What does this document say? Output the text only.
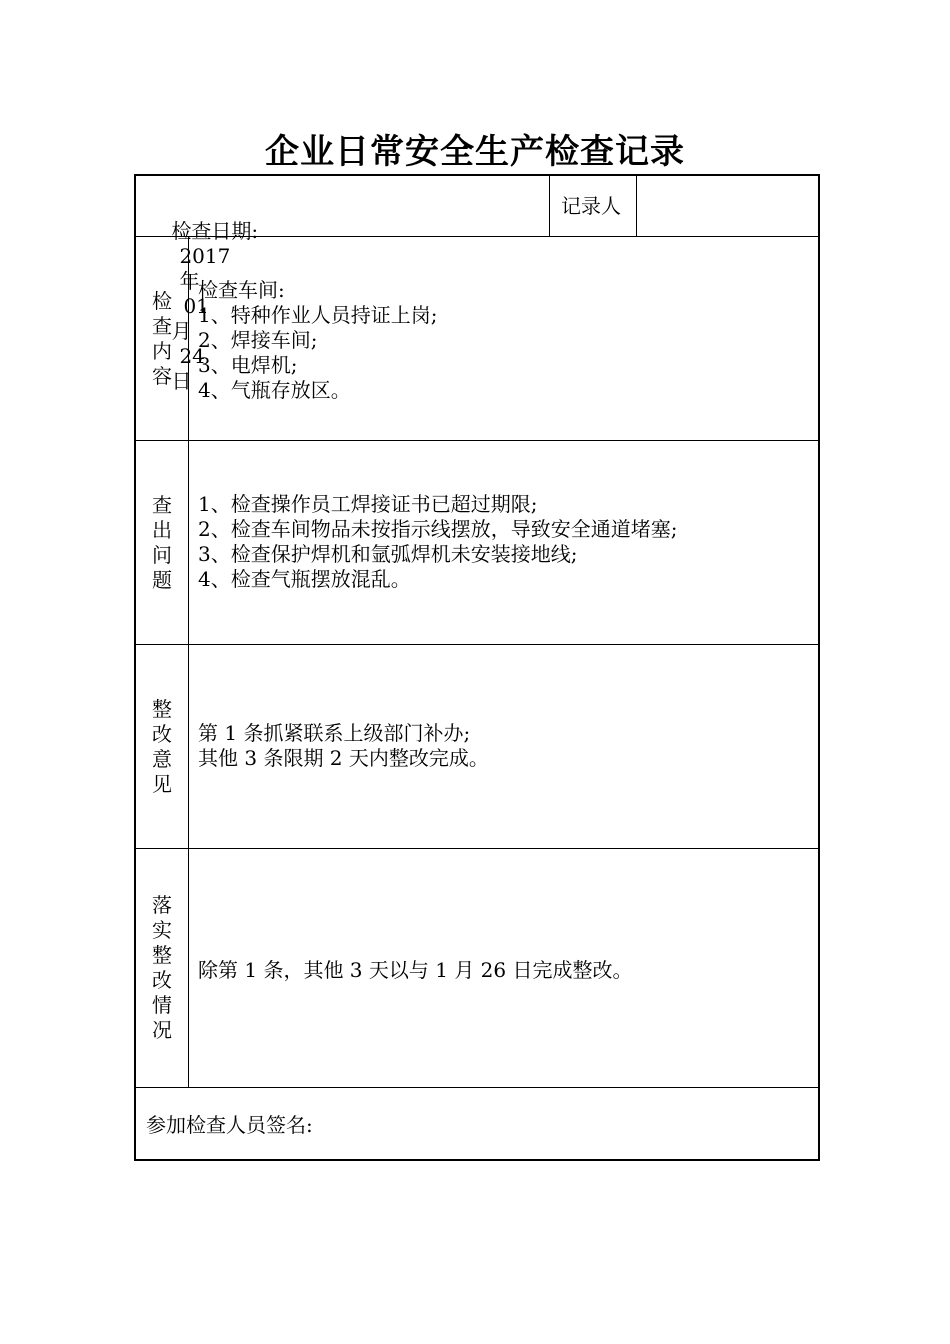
企业日常安全生产检查记录

检查日期:
2017
年
01
月
24
日

记录人
检
查
内
容
检查车间:
1、特种作业人员持证上岗;
2、焊接车间;
3、电焊机;
4、气瓶存放区。
查
出
问
题
1、检查操作员工焊接证书已超过期限;
2、检查车间物品未按指示线摆放，导致安全通道堵塞;
3、检查保护焊机和氩弧焊机未安装接地线;
4、检查气瓶摆放混乱。
整
改
意
见
第 1 条抓紧联系上级部门补办;
其他 3 条限期 2 天内整改完成。
落
实
整
改
情
况
除第 1 条，其他 3 天以与 1 月 26 日完成整改。
参加检查人员签名:
